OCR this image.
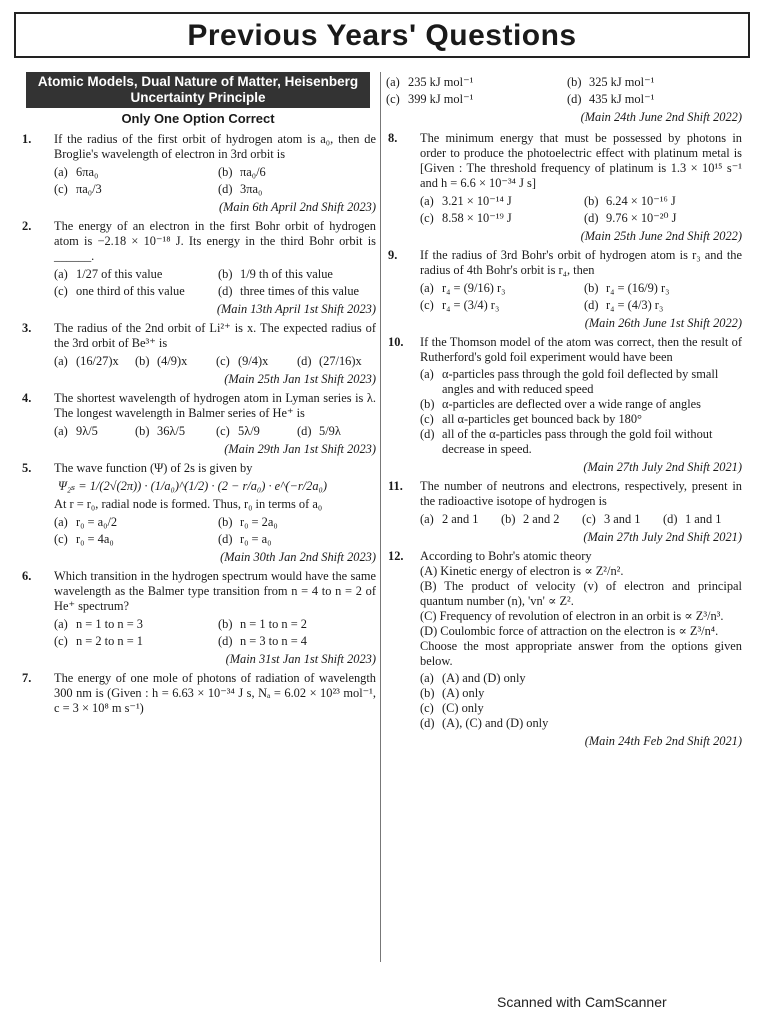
Previous Years' Questions
Atomic Models, Dual Nature of Matter, Heisenberg Uncertainty Principle
Only One Option Correct
1. If the radius of the first orbit of hydrogen atom is a₀, then de Broglie's wavelength of electron in 3rd orbit is
(a) 6πa₀	(b) πa₀/6
(c) πa₀/3	(d) 3πa₀
(Main 6th April 2nd Shift 2023)
2. The energy of an electron in the first Bohr orbit of hydrogen atom is −2.18 × 10⁻¹⁸ J. Its energy in the third Bohr orbit is ______.
(a) 1/27 of this value	(b) 1/9 th of this value
(c) one third of this value	(d) three times of this value
(Main 13th April 1st Shift 2023)
3. The radius of the 2nd orbit of Li²⁺ is x. The expected radius of the 3rd orbit of Be³⁺ is
(a) (16/27)x	(b) (4/9)x	(c) (9/4)x	(d) (27/16)x
(Main 25th Jan 1st Shift 2023)
4. The shortest wavelength of hydrogen atom in Lyman series is λ. The longest wavelength in Balmer series of He⁺ is
(a) 9λ/5	(b) 36λ/5	(c) 5λ/9	(d) 5/9λ
(Main 29th Jan 1st Shift 2023)
5. The wave function (Ψ) of 2s is given by
Ψ₂ₛ = 1/(2√(2π)) · (1/a₀)^(1/2) · (2 − r/a₀) · e^(−r/2a₀)
At r = r₀, radial node is formed. Thus, r₀ in terms of a₀
(a) r₀ = a₀/2	(b) r₀ = 2a₀
(c) r₀ = 4a₀	(d) r₀ = a₀
(Main 30th Jan 2nd Shift 2023)
6. Which transition in the hydrogen spectrum would have the same wavelength as the Balmer type transition from n = 4 to n = 2 of He⁺ spectrum?
(a) n = 1 to n = 3	(b) n = 1 to n = 2
(c) n = 2 to n = 1	(d) n = 3 to n = 4
(Main 31st Jan 1st Shift 2023)
7. The energy of one mole of photons of radiation of wavelength 300 nm is (Given : h = 6.63 × 10⁻³⁴ J s, Nₐ = 6.02 × 10²³ mol⁻¹, c = 3 × 10⁸ m s⁻¹)
(a) 235 kJ mol⁻¹	(b) 325 kJ mol⁻¹
(c) 399 kJ mol⁻¹	(d) 435 kJ mol⁻¹
(Main 24th June 2nd Shift 2022)
8. The minimum energy that must be possessed by photons in order to produce the photoelectric effect with platinum metal is [Given : The threshold frequency of platinum is 1.3 × 10¹⁵ s⁻¹ and h = 6.6 × 10⁻³⁴ J s]
(a) 3.21 × 10⁻¹⁴ J	(b) 6.24 × 10⁻¹⁶ J
(c) 8.58 × 10⁻¹⁹ J	(d) 9.76 × 10⁻²⁰ J
(Main 25th June 2nd Shift 2022)
9. If the radius of 3rd Bohr's orbit of hydrogen atom is r₃ and the radius of 4th Bohr's orbit is r₄, then
(a) r₄ = (9/16) r₃	(b) r₄ = (16/9) r₃
(c) r₄ = (3/4) r₃	(d) r₄ = (4/3) r₃
(Main 26th June 1st Shift 2022)
10. If the Thomson model of the atom was correct, then the result of Rutherford's gold foil experiment would have been
(a) α-particles pass through the gold foil deflected by small angles and with reduced speed
(b) α-particles are deflected over a wide range of angles
(c) all α-particles get bounced back by 180°
(d) all of the α-particles pass through the gold foil without decrease in speed.
(Main 27th July 2nd Shift 2021)
11. The number of neutrons and electrons, respectively, present in the radioactive isotope of hydrogen is
(a) 2 and 1	(b) 2 and 2	(c) 3 and 1	(d) 1 and 1
(Main 27th July 2nd Shift 2021)
12. According to Bohr's atomic theory
(A) Kinetic energy of electron is ∝ Z²/n².
(B) The product of velocity (v) of electron and principal quantum number (n), 'vn' ∝ Z².
(C) Frequency of revolution of electron in an orbit is ∝ Z³/n³.
(D) Coulombic force of attraction on the electron is ∝ Z³/n⁴.
Choose the most appropriate answer from the options given below.
(a) (A) and (D) only
(b) (A) only
(c) (C) only
(d) (A), (C) and (D) only
(Main 24th Feb 2nd Shift 2021)
Scanned with CamScanner
